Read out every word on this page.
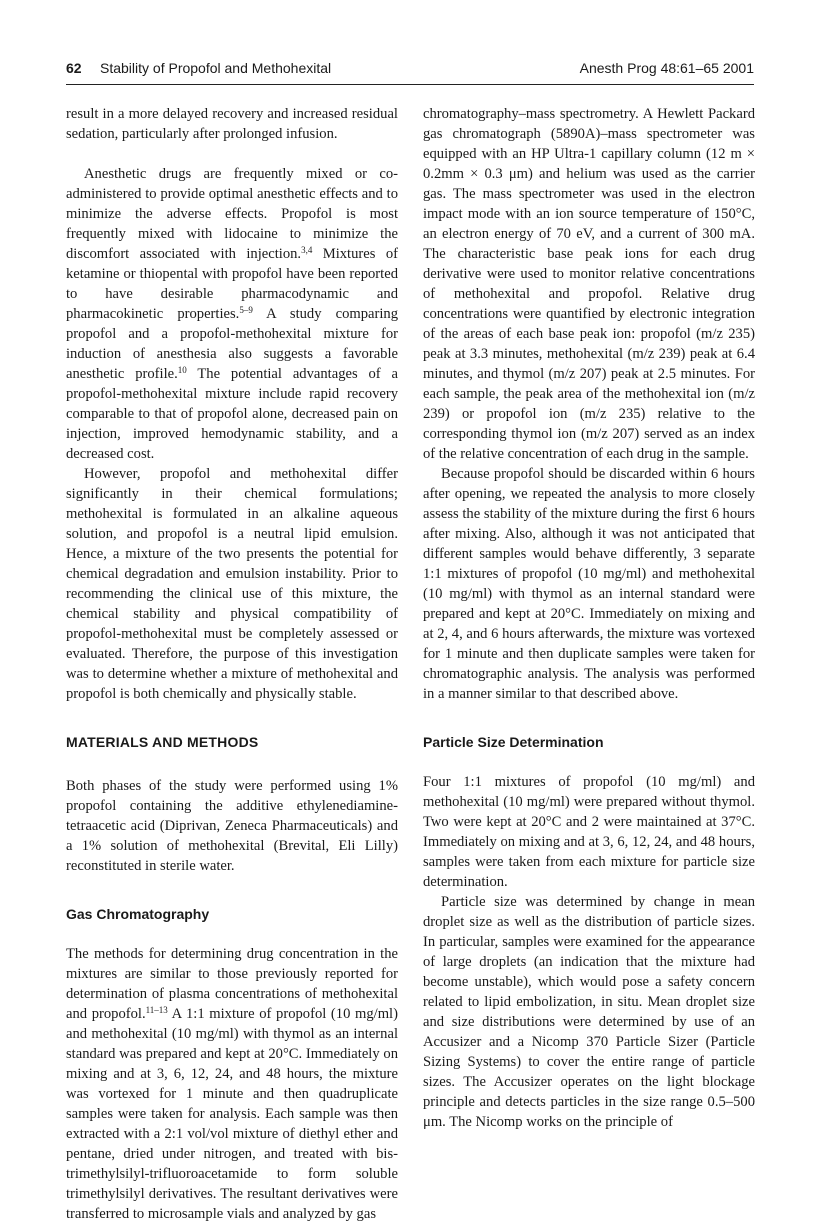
62 Stability of Propofol and Methohexital	Anesth Prog 48:61–65 2001

result in a more delayed recovery and increased residual sedation, particularly after prolonged infusion.

Anesthetic drugs are frequently mixed or co-administered to provide optimal anesthetic effects and to minimize the adverse effects. Propofol is most frequently mixed with lidocaine to minimize the discomfort associated with injection.$^{3,4}$ Mixtures of ketamine or thiopental with propofol have been reported to have desirable pharmacodynamic and pharmacokinetic properties.$^{5-9}$ A study comparing propofol and a propofol-methohexital mixture for induction of anesthesia also suggests a favorable anesthetic profile.$^{10}$ The potential advantages of a propofol-methohexital mixture include rapid recovery comparable to that of propofol alone, decreased pain on injection, improved hemodynamic stability, and a decreased cost.

However, propofol and methohexital differ significantly in their chemical formulations; methohexital is formulated in an alkaline aqueous solution, and propofol is a neutral lipid emulsion. Hence, a mixture of the two presents the potential for chemical degradation and emulsion instability. Prior to recommending the clinical use of this mixture, the chemical stability and physical compatibility of propofol-methohexital must be completely assessed or evaluated. Therefore, the purpose of this investigation was to determine whether a mixture of methohexital and propofol is both chemically and physically stable.

MATERIALS AND METHODS

Both phases of the study were performed using 1% propofol containing the additive ethylenediamine-tetraacetic acid (Diprivan, Zeneca Pharmaceuticals) and a 1% solution of methohexital (Brevital, Eli Lilly) reconstituted in sterile water.

Gas Chromatography

The methods for determining drug concentration in the mixtures are similar to those previously reported for determination of plasma concentrations of methohexital and propofol.$^{11-13}$ A 1:1 mixture of propofol (10 mg/ml) and methohexital (10 mg/ml) with thymol as an internal standard was prepared and kept at 20°C. Immediately on mixing and at 3, 6, 12, 24, and 48 hours, the mixture was vortexed for 1 minute and then quadruplicate samples were taken for analysis. Each sample was then extracted with a 2:1 vol/vol mixture of diethyl ether and pentane, dried under nitrogen, and treated with bis-trimethylsilyl-trifluoroacetamide to form soluble trimethylsilyl derivatives. The resultant derivatives were transferred to microsample vials and analyzed by gas

chromatography–mass spectrometry. A Hewlett Packard gas chromatograph (5890A)–mass spectrometer was equipped with an HP Ultra-1 capillary column (12 m × 0.2mm × 0.3 μm) and helium was used as the carrier gas. The mass spectrometer was used in the electron impact mode with an ion source temperature of 150°C, an electron energy of 70 eV, and a current of 300 mA. The characteristic base peak ions for each drug derivative were used to monitor relative concentrations of methohexital and propofol. Relative drug concentrations were quantified by electronic integration of the areas of each base peak ion: propofol (m/z 235) peak at 3.3 minutes, methohexital (m/z 239) peak at 6.4 minutes, and thymol (m/z 207) peak at 2.5 minutes. For each sample, the peak area of the methohexital ion (m/z 239) or propofol ion (m/z 235) relative to the corresponding thymol ion (m/z 207) served as an index of the relative concentration of each drug in the sample.

Because propofol should be discarded within 6 hours after opening, we repeated the analysis to more closely assess the stability of the mixture during the first 6 hours after mixing. Also, although it was not anticipated that different samples would behave differently, 3 separate 1:1 mixtures of propofol (10 mg/ml) and methohexital (10 mg/ml) with thymol as an internal standard were prepared and kept at 20°C. Immediately on mixing and at 2, 4, and 6 hours afterwards, the mixture was vortexed for 1 minute and then duplicate samples were taken for chromatographic analysis. The analysis was performed in a manner similar to that described above.

Particle Size Determination

Four 1:1 mixtures of propofol (10 mg/ml) and methohexital (10 mg/ml) were prepared without thymol. Two were kept at 20°C and 2 were maintained at 37°C. Immediately on mixing and at 3, 6, 12, 24, and 48 hours, samples were taken from each mixture for particle size determination.

Particle size was determined by change in mean droplet size as well as the distribution of particle sizes. In particular, samples were examined for the appearance of large droplets (an indication that the mixture had become unstable), which would pose a safety concern related to lipid embolization, in situ. Mean droplet size and size distributions were determined by use of an Accusizer and a Nicomp 370 Particle Sizer (Particle Sizing Systems) to cover the entire range of particle sizes. The Accusizer operates on the light blockage principle and detects particles in the size range 0.5–500 μm. The Nicomp works on the principle of
